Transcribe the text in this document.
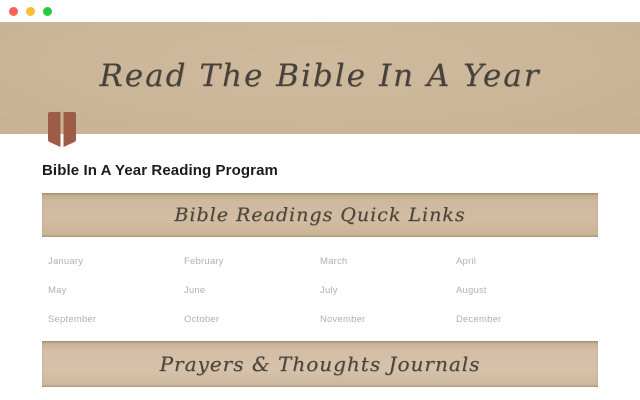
Read The Bible In A Year
Bible In A Year Reading Program
Bible Readings Quick Links
January	February	March	April
May	June	July	August
September	October	November	December
Prayers & Thoughts Journals
